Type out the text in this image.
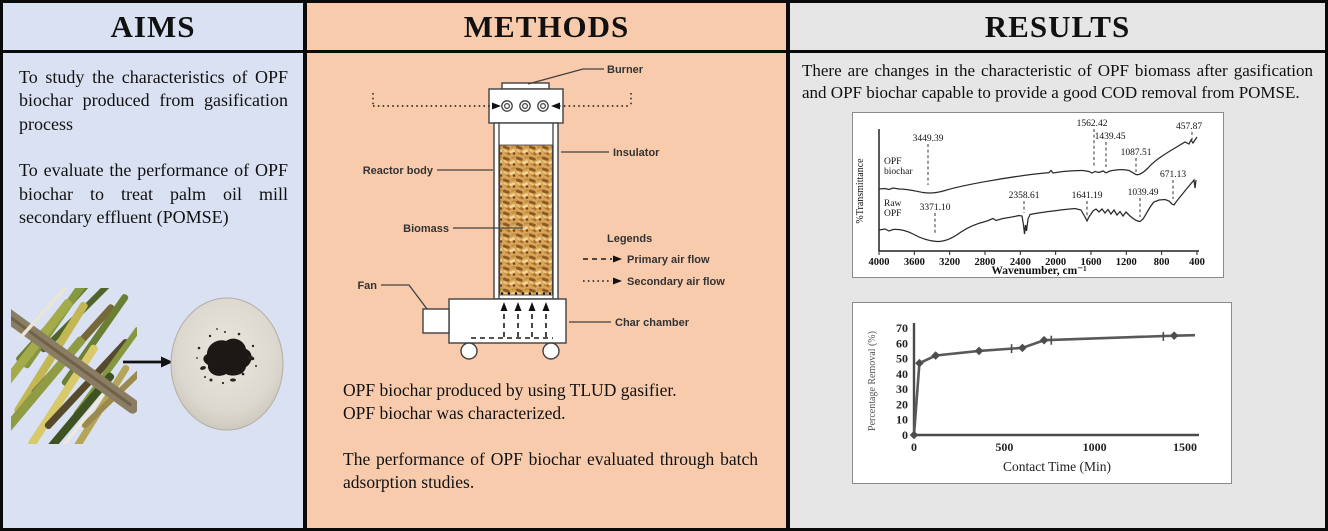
AIMS

To study the characteristics of OPF biochar produced from gasification process

To evaluate the performance of OPF biochar to treat palm oil mill secondary effluent (POMSE)

METHODS
Burner
Insulator
Reactor body
Biomass
Fan
Char chamber
Legends
Primary air flow
Secondary air flow
OPF biochar produced by using TLUD gasifier.
OPF biochar was characterized.
The performance of OPF biochar evaluated through batch adsorption studies.
RESULTS

There are changes in the characteristic of OPF biomass after gasification and OPF biochar capable to provide a good COD removal from POMSE.

OPF
biochar
Raw
OPF
3449.39
1562.42
1439.45
1087.51
457.87
3371.10
2358.61	1641.19	1039.49
671.13
%Transmittance
Wavenumber, cm⁻¹
4000 3600 3200 2800 2400 2000 1600 1200 800 400
Percentage Removal (%)
Contact Time (Min)
0	500	1000	1500
0
10
20
30
40
50
60
70
